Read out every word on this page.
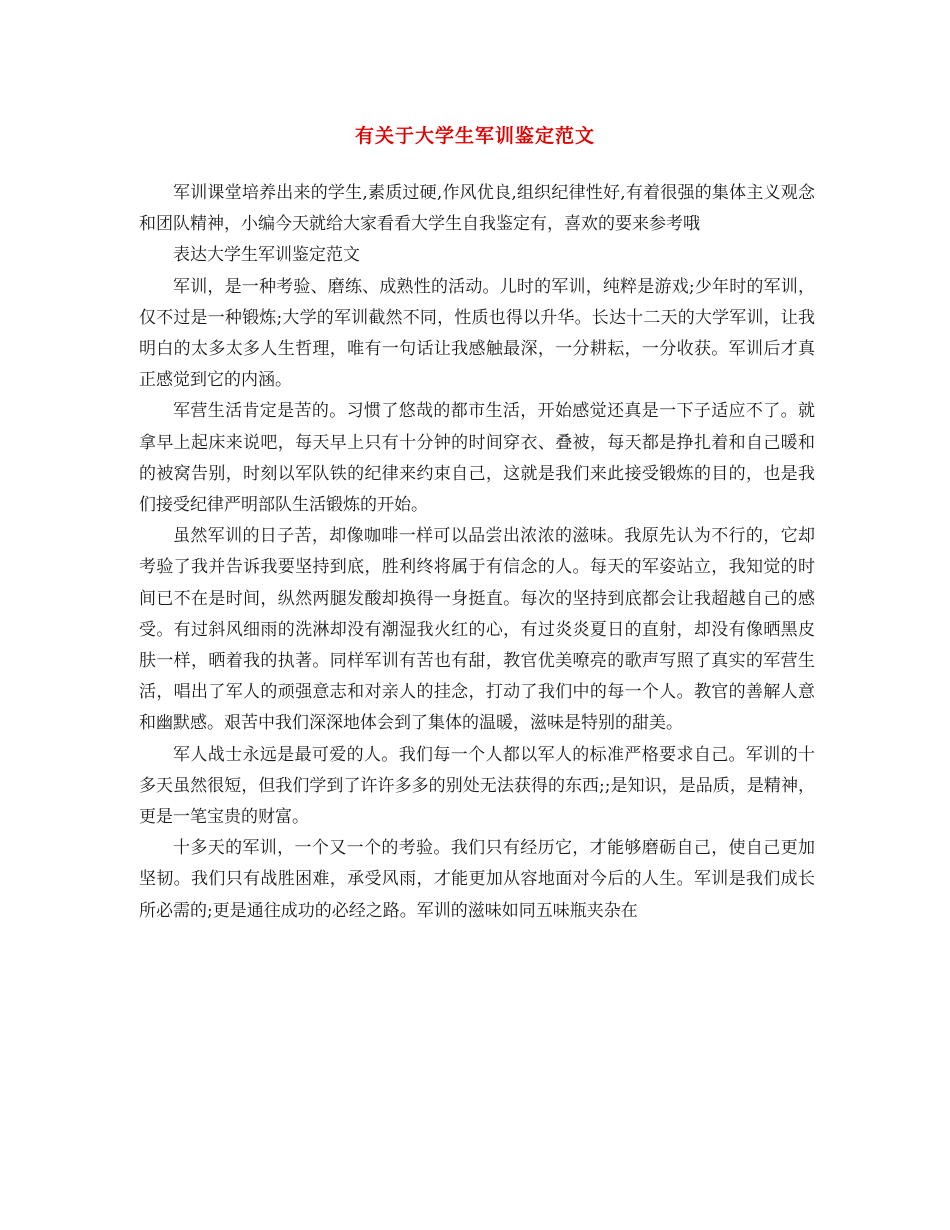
有关于大学生军训鉴定范文

军训课堂培养出来的学生,素质过硬,作风优良,组织纪律性好,有着很强的集体主义观念和团队精神，小编今天就给大家看看大学生自我鉴定有，喜欢的要来参考哦

表达大学生军训鉴定范文

军训，是一种考验、磨练、成熟性的活动。儿时的军训，纯粹是游戏;少年时的军训，仅不过是一种锻炼;大学的军训截然不同，性质也得以升华。长达十二天的大学军训，让我明白的太多太多人生哲理，唯有一句话让我感触最深，一分耕耘，一分收获。军训后才真正感觉到它的内涵。

军营生活肯定是苦的。习惯了悠哉的都市生活，开始感觉还真是一下子适应不了。就拿早上起床来说吧，每天早上只有十分钟的时间穿衣、叠被，每天都是挣扎着和自己暖和的被窝告别，时刻以军队铁的纪律来约束自己，这就是我们来此接受锻炼的目的，也是我们接受纪律严明部队生活锻炼的开始。

虽然军训的日子苦，却像咖啡一样可以品尝出浓浓的滋味。我原先认为不行的，它却考验了我并告诉我要坚持到底，胜利终将属于有信念的人。每天的军姿站立，我知觉的时间已不在是时间，纵然两腿发酸却换得一身挺直。每次的坚持到底都会让我超越自己的感受。有过斜风细雨的洗淋却没有潮湿我火红的心，有过炎炎夏日的直射，却没有像晒黑皮肤一样，晒着我的执著。同样军训有苦也有甜，教官优美嘹亮的歌声写照了真实的军营生活，唱出了军人的顽强意志和对亲人的挂念，打动了我们中的每一个人。教官的善解人意和幽默感。艰苦中我们深深地体会到了集体的温暖，滋味是特别的甜美。

军人战士永远是最可爱的人。我们每一个人都以军人的标准严格要求自己。军训的十多天虽然很短，但我们学到了许许多多的别处无法获得的东西;;是知识，是品质，是精神，更是一笔宝贵的财富。

十多天的军训，一个又一个的考验。我们只有经历它，才能够磨砺自己，使自己更加坚韧。我们只有战胜困难，承受风雨，才能更加从容地面对今后的人生。军训是我们成长所必需的;更是通往成功的必经之路。军训的滋味如同五味瓶夹杂在
